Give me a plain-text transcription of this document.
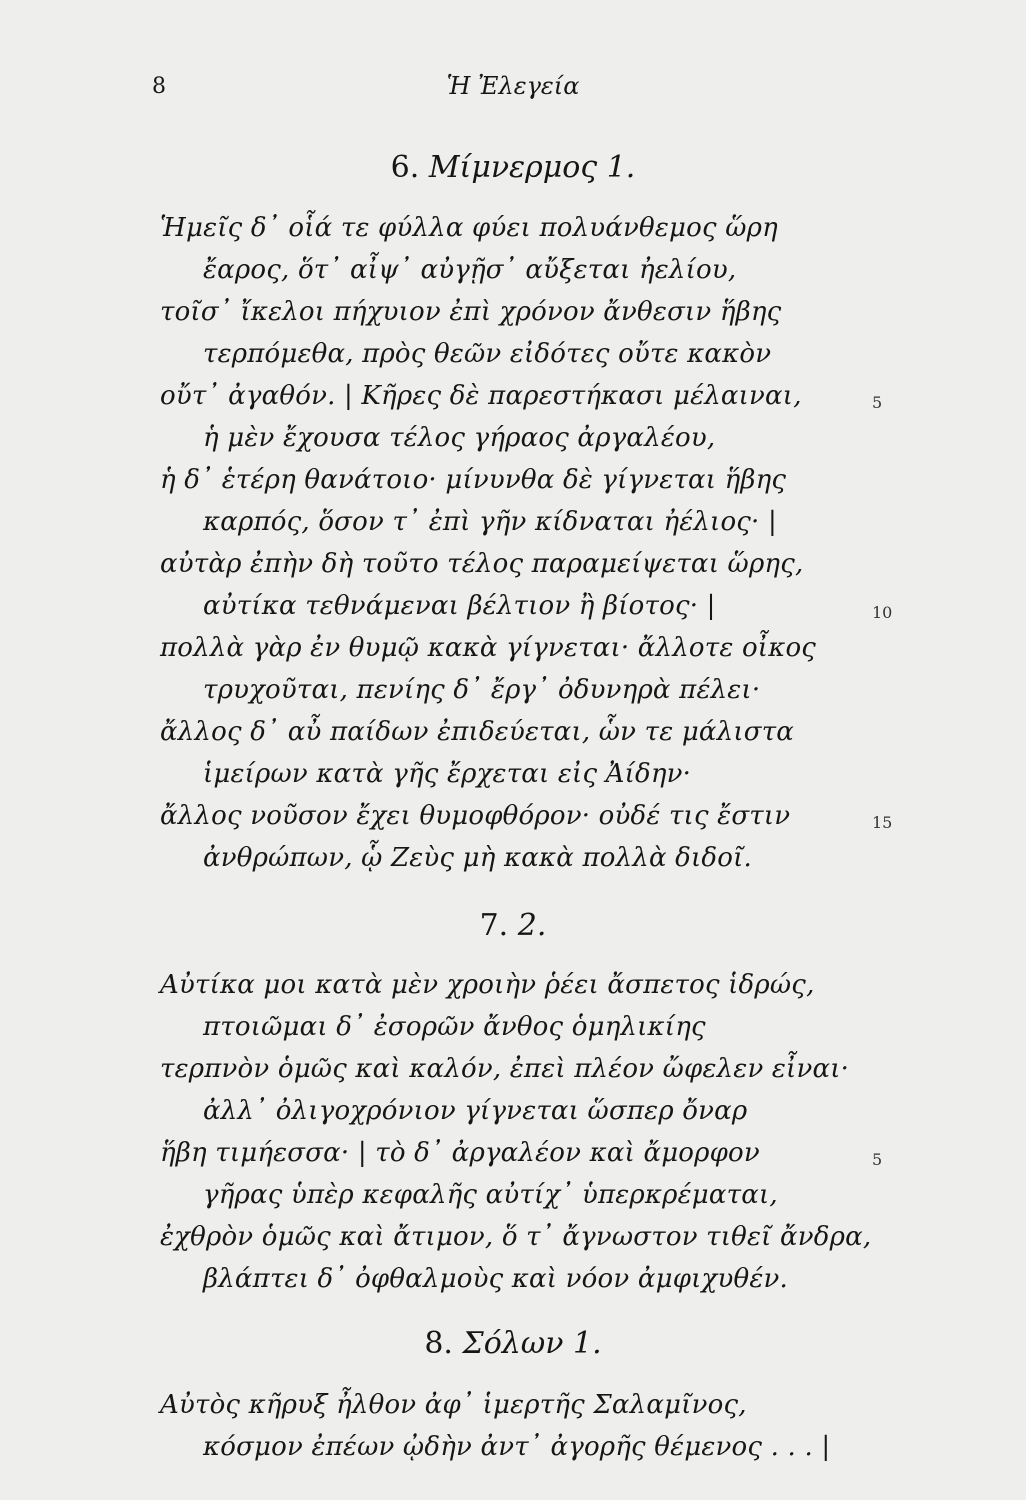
8	Ἡ Ἐλεγεία
6. Μίμνερμος 1.
Ἡμεῖς δ᾽ οἷά τε φύλλα φύει πολυάνθεμος ὥρη
ἔαρος, ὅτ᾽ αἶψ᾽ αὐγῇσ᾽ αὔξεται ἠελίου,
τοῖσ᾽ ἴκελοι πήχυιον ἐπὶ χρόνον ἄνθεσιν ἥβης
τερπόμεθα, πρὸς θεῶν εἰδότες οὔτε κακὸν
οὔτ᾽ ἀγαθόν. | Κῆρες δὲ παρεστήκασι μέλαιναι,
ἡ μὲν ἔχουσα τέλος γήραος ἀργαλέου,
ἡ δ᾽ ἑτέρη θανάτοιο· μίνυνθα δὲ γίγνεται ἥβης
καρπός, ὅσον τ᾽ ἐπὶ γῆν κίδναται ἠέλιος· |
αὐτὰρ ἐπὴν δὴ τοῦτο τέλος παραμείψεται ὥρης,
αὐτίκα τεθνάμεναι βέλτιον ἢ βίοτος· |
πολλὰ γὰρ ἐν θυμῷ κακὰ γίγνεται· ἄλλοτε οἶκος
τρυχοῦται, πενίης δ᾽ ἔργ᾽ ὀδυνηρὰ πέλει·
ἄλλος δ᾽ αὖ παίδων ἐπιδεύεται, ὧν τε μάλιστα
ἱμείρων κατὰ γῆς ἔρχεται εἰς Ἀίδην·
ἄλλος νοῦσον ἔχει θυμοφθόρον· οὐδέ τις ἔστιν
ἀνθρώπων, ᾧ Ζεὺς μὴ κακὰ πολλὰ διδοῖ.
5
10
15
7. 2.
Αὐτίκα μοι κατὰ μὲν χροιὴν ῥέει ἄσπετος ἱδρώς,
πτοιῶμαι δ᾽ ἐσορῶν ἄνθος ὁμηλικίης
τερπνὸν ὁμῶς καὶ καλόν, ἐπεὶ πλέον ὤφελεν εἶναι·
ἀλλ᾽ ὀλιγοχρόνιον γίγνεται ὥσπερ ὄναρ
ἥβη τιμήεσσα· | τὸ δ᾽ ἀργαλέον καὶ ἄμορφον
γῆρας ὑπὲρ κεφαλῆς αὐτίχ᾽ ὑπερκρέμαται,
ἐχθρὸν ὁμῶς καὶ ἄτιμον, ὅ τ᾽ ἄγνωστον τιθεῖ ἄνδρα,
βλάπτει δ᾽ ὀφθαλμοὺς καὶ νόον ἀμφιχυθέν.
5
8. Σόλων 1.
Αὐτὸς κῆρυξ ἦλθον ἀφ᾽ ἱμερτῆς Σαλαμῖνος,
κόσμον ἐπέων ᾠδὴν ἀντ᾽ ἀγορῆς θέμενος . . . |
